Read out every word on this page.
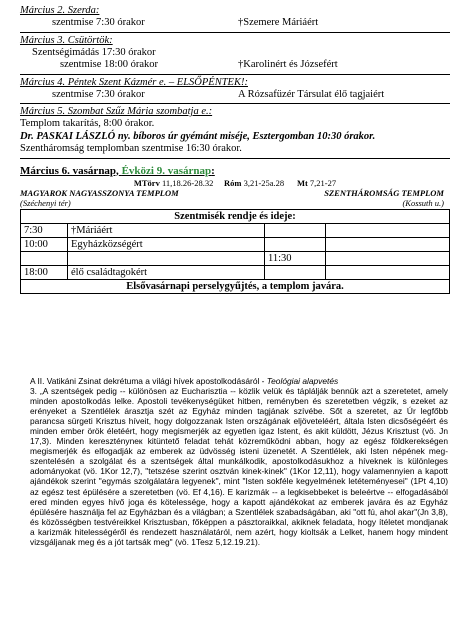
Március 2. Szerda:
szentmise 7:30 órakor	†Szemere Máriáért
Március 3. Csütörtök:
Szentségimádás 17:30 órakor
szentmise 18:00 órakor	†Karolinért és Józsefért
Március 4. Péntek Szent Kázmér e. – ELSŐPÉNTEK!:
szentmise 7:30 órakor	A Rózsafüzér Társulat élő tagjaiért
Március 5. Szombat Szűz Mária szombatja e.:
Templom takarítás, 8:00 órakor.
Dr. PASKAI LÁSZLÓ ny. bíboros úr gyémánt miséje, Esztergomban 10:30 órakor.
Szentháromság templomban szentmise 16:30 órakor.
Március 6. vasárnap, Évközi 9. vasárnap:
MTörv 11,18.26-28.32 Róm 3,21-25a.28 Mt 7,21-27
MAGYAROK NAGYASSZONYA TEMPLOM	SZENTHÁROMSÁG TEMPLOM
(Széchenyi tér)	(Kossuth u.)
Szentmisék rendje és ideje:			
7:30	†Máriáért		
10:00	Egyházközségért		
		11:30	
18:00	élő családtagokért		
Elsővasárnapi perselygyűjtés, a templom javára.			

A II. Vatikáni Zsinat dekrétuma a világi hívek apostolkodásáról - Teológiai alapvetés

3. „A szentségek pedig -- különösen az Eucharisztia -- közlik velük és táplálják bennük azt a szeretetet, amely minden apostolkodás lelke. Apostoli tevékenységüket hitben, reményben és szeretetben végzik, s ezeket az erényeket a Szentlélek árasztja szét az Egyház minden tagjának szívébe. Sőt a szeretet, az Úr legfőbb parancsa sürgeti Krisztus híveit, hogy dolgozzanak Isten országának eljöveteléért, általa Isten dicsőségéért és minden ember örök életéért, hogy megismerjék az egyetlen igaz Istent, és akit küldött, Jézus Krisztust (vö. Jn 17,3). Minden keresztényneк kitüntető feladat tehát közreműködni abban, hogy az egész földkerekségen megismerjék és elfogadják az emberek az üdvösség isteni üzenetét. A Szentlélek, aki Isten népének meg-szentelésén a szolgálat és a szentségek által munkálkodik, apostolkodásukhoz a híveknek is különleges adományokat (vö. 1Kor 12,7), "tetszése szerint osztván kinek-kinek" (1Kor 12,11), hogy valamennyien a kapott ajándékok szerint "egymás szolgálatára legyenek", mint "Isten sokféle kegyelmének letéteményesei" (1Pt 4,10) az egész test épülésére a szeretetben (vö. Ef 4,16). E karizmák -- a legkisebbeket is beleértve -- elfogadásából ered minden egyes hívő joga és kötelessége, hogy a kapott ajándékokat az emberek javára és az Egyház épülésére használja fel az Egyházban és a világban; a Szentlélek szabadságában, aki "ott fú, ahol akar"(Jn 3,8), és közösségben testvéreikkel Krisztusban, főképpen a pásztoraikkal, akiknek feladata, hogy ítéletet mondjanak a karizmák hitelességéről és rendezett használatáról, nem azért, hogy kioltsák a Lelket, hanem hogy mindent vizsgáljanak meg és a jót tartsák meg" (vö. 1Tesz 5,12.19.21).
